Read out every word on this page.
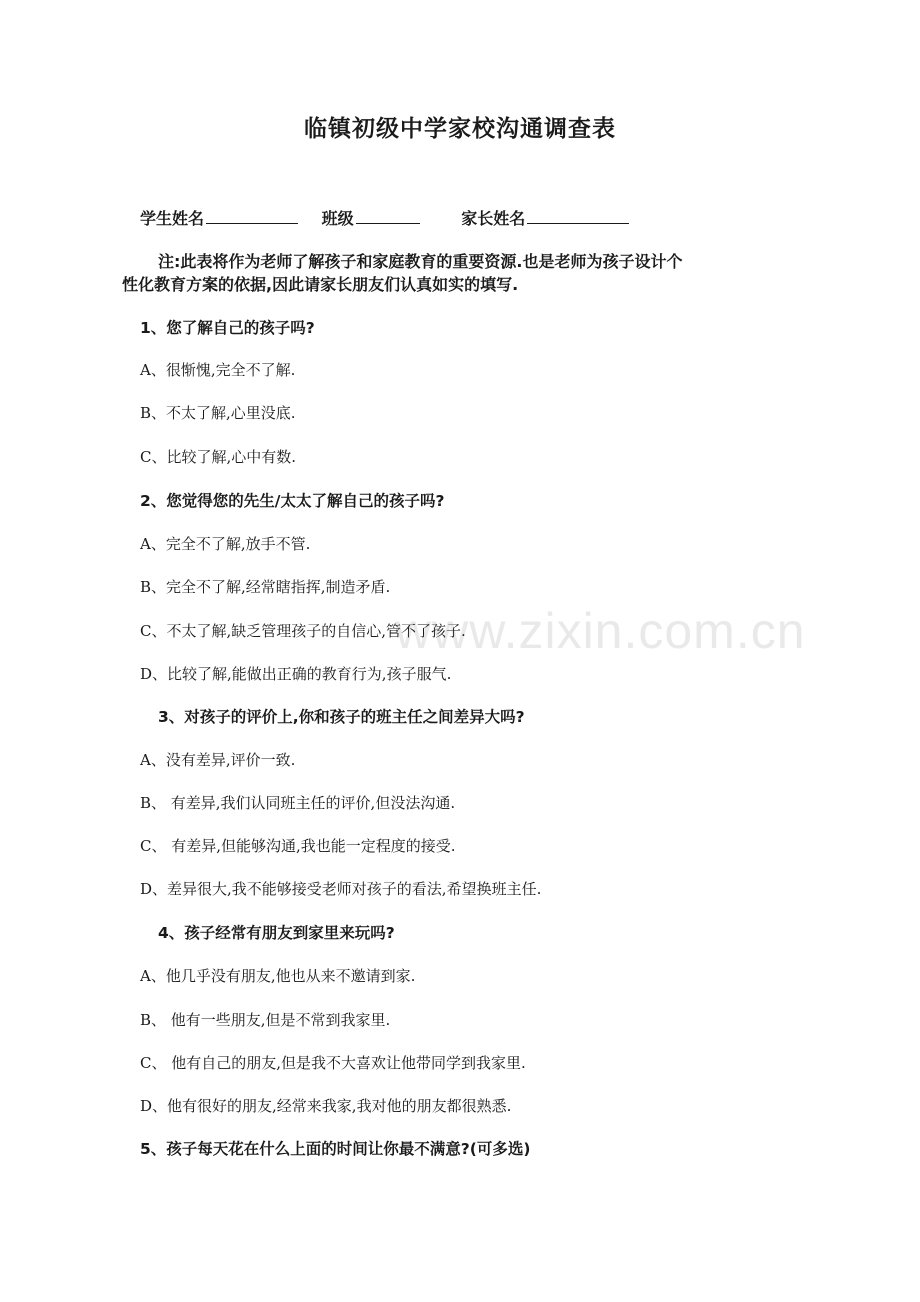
临镇初级中学家校沟通调查表
学生姓名	班级	家长姓名
注:此表将作为老师了解孩子和家庭教育的重要资源.也是老师为孩子设计个
性化教育方案的依据,因此请家长朋友们认真如实的填写.
1、您了解自己的孩子吗?
A、很惭愧,完全不了解.
B、不太了解,心里没底.
C、比较了解,心中有数.
2、您觉得您的先生/太太了解自己的孩子吗?
A、完全不了解,放手不管.
B、完全不了解,经常瞎指挥,制造矛盾.
C、不太了解,缺乏管理孩子的自信心,管不了孩子.
D、比较了解,能做出正确的教育行为,孩子服气.
3、对孩子的评价上,你和孩子的班主任之间差异大吗?
A、没有差异,评价一致.
B、 有差异,我们认同班主任的评价,但没法沟通.
C、 有差异,但能够沟通,我也能一定程度的接受.
D、差异很大,我不能够接受老师对孩子的看法,希望换班主任.
4、孩子经常有朋友到家里来玩吗?
A、他几乎没有朋友,他也从来不邀请到家.
B、 他有一些朋友,但是不常到我家里.
C、 他有自己的朋友,但是我不大喜欢让他带同学到我家里.
D、他有很好的朋友,经常来我家,我对他的朋友都很熟悉.
5、孩子每天花在什么上面的时间让你最不满意?(可多选)
www.zixin.com.cn
